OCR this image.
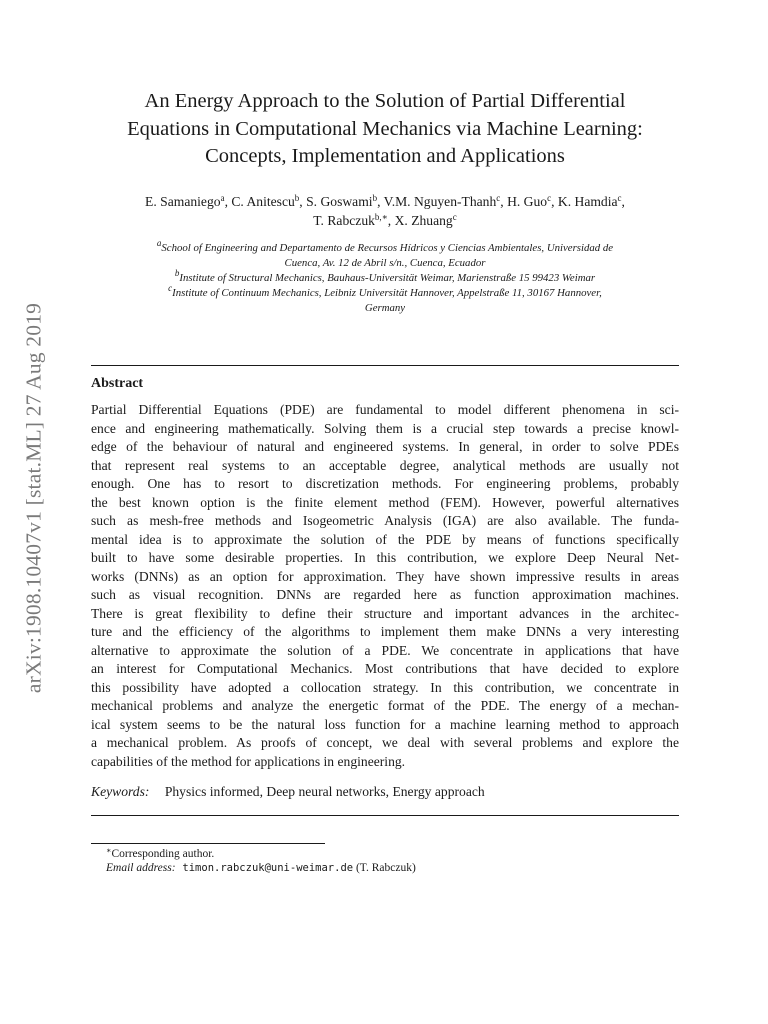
arXiv:1908.10407v1 [stat.ML] 27 Aug 2019
An Energy Approach to the Solution of Partial Differential
Equations in Computational Mechanics via Machine Learning:
Concepts, Implementation and Applications
E. Samaniego$^a$, C. Anitescu$^b$, S. Goswami$^b$, V.M. Nguyen-Thanh$^c$, H. Guo$^c$, K. Hamdia$^c$,
T. Rabczuk$^{b,∗}$, X. Zhuang$^c$
$^a$School of Engineering and Departamento de Recursos Hídricos y Ciencias Ambientales, Universidad de
Cuenca, Av. 12 de Abril s/n., Cuenca, Ecuador
$^b$Institute of Structural Mechanics, Bauhaus-Universität Weimar, Marienstraße 15 99423 Weimar
$^c$Institute of Continuum Mechanics, Leibniz Universität Hannover, Appelstraße 11, 30167 Hannover,
Germany
Abstract
Partial Differential Equations (PDE) are fundamental to model different phenomena in sci-
ence and engineering mathematically. Solving them is a crucial step towards a precise knowl-
edge of the behaviour of natural and engineered systems. In general, in order to solve PDEs
that represent real systems to an acceptable degree, analytical methods are usually not
enough. One has to resort to discretization methods. For engineering problems, probably
the best known option is the finite element method (FEM). However, powerful alternatives
such as mesh-free methods and Isogeometric Analysis (IGA) are also available. The funda-
mental idea is to approximate the solution of the PDE by means of functions specifically
built to have some desirable properties. In this contribution, we explore Deep Neural Net-
works (DNNs) as an option for approximation. They have shown impressive results in areas
such as visual recognition. DNNs are regarded here as function approximation machines.
There is great flexibility to define their structure and important advances in the architec-
ture and the efficiency of the algorithms to implement them make DNNs a very interesting
alternative to approximate the solution of a PDE. We concentrate in applications that have
an interest for Computational Mechanics. Most contributions that have decided to explore
this possibility have adopted a collocation strategy. In this contribution, we concentrate in
mechanical problems and analyze the energetic format of the PDE. The energy of a mechan-
ical system seems to be the natural loss function for a machine learning method to approach
a mechanical problem. As proofs of concept, we deal with several problems and explore the
capabilities of the method for applications in engineering.
Keywords: Physics informed, Deep neural networks, Energy approach
∗Corresponding author.
Email address: timon.rabczuk@uni-weimar.de (T. Rabczuk)
